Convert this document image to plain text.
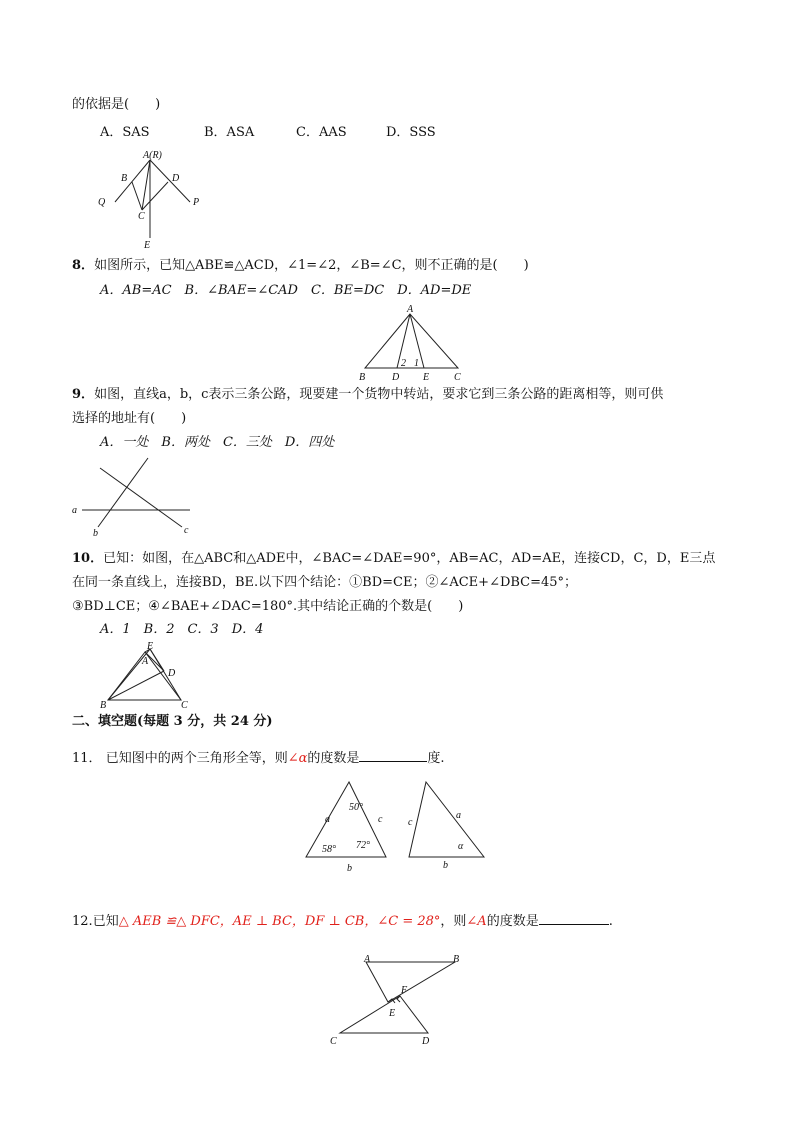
的依据是(　　)
A．SAS	B．ASA	C．AAS	D．SSS
A(R)
B	D
Q	P
C
E
8．如图所示，已知△ABE≌△ACD，∠1=∠2，∠B=∠C，则不正确的是(　　)
A．AB=AC　B．∠BAE=∠CAD　C．BE=DC　D．AD=DE
A
B	D E C
2 1
9．如图，直线a，b，c表示三条公路，现要建一个货物中转站，要求它到三条公路的距离相等，则可供
选择的地址有(　　)
A．一处　B．两处　C．三处　D．四处
a
b	c
10．已知：如图，在△ABC和△ADE中，∠BAC=∠DAE=90°，AB=AC，AD=AE，连接CD，C，D，E三点
在同一条直线上，连接BD，BE.以下四个结论：①BD=CE；②∠ACE+∠DBC=45°；
③BD⊥CE；④∠BAE+∠DAC=180°.其中结论正确的个数是(　　)
A．1　B．2　C．3　D．4
E
A
D
B	C
二、填空题(每题 3 分，共 24 分)
11． 已知图中的两个三角形全等，则∠α的度数是	度.
a	c
b
50°
58° 72°
c
a
b
α
12.已知△ AEB ≌△ DFC，AE ⊥ BC，DF ⊥ CB，∠C = 28°，则∠A的度数是	.
A	B
F
E
C	D
